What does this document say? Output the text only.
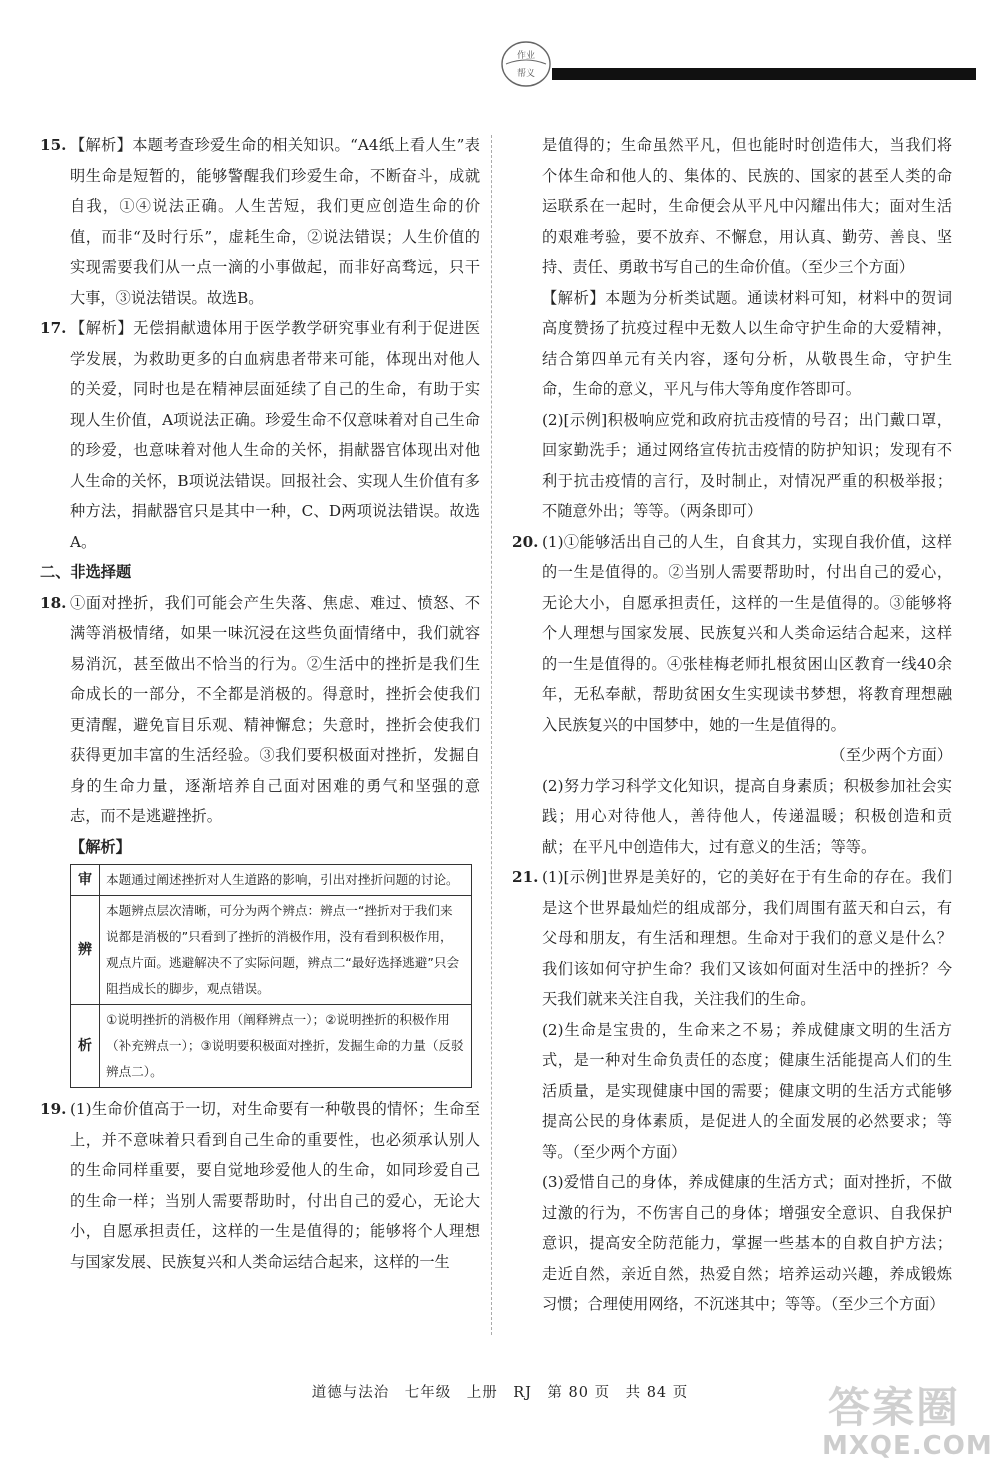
作业
帮义
15. 【解析】本题考查珍爱生命的相关知识。“A4纸上看人生”表明生命是短暂的，能够警醒我们珍爱生命，不断奋斗，成就自我，①④说法正确。人生苦短，我们更应创造生命的价值，而非“及时行乐”，虚耗生命，②说法错误；人生价值的实现需要我们从一点一滴的小事做起，而非好高骛远，只干大事，③说法错误。故选B。
17. 【解析】无偿捐献遗体用于医学教学研究事业有利于促进医学发展，为救助更多的白血病患者带来可能，体现出对他人的关爱，同时也是在精神层面延续了自己的生命，有助于实现人生价值，A项说法正确。珍爱生命不仅意味着对自己生命的珍爱，也意味着对他人生命的关怀，捐献器官体现出对他人生命的关怀，B项说法错误。回报社会、实现人生价值有多种方法，捐献器官只是其中一种，C、D两项说法错误。故选A。
二、非选择题
18. ①面对挫折，我们可能会产生失落、焦虑、难过、愤怒、不满等消极情绪，如果一味沉浸在这些负面情绪中，我们就容易消沉，甚至做出不恰当的行为。②生活中的挫折是我们生命成长的一部分，不全都是消极的。得意时，挫折会使我们更清醒，避免盲目乐观、精神懈怠；失意时，挫折会使我们获得更加丰富的生活经验。③我们要积极面对挫折，发掘自身的生命力量，逐渐培养自己面对困难的勇气和坚强的意志，而不是逃避挫折。
【解析】
审	本题通过阐述挫折对人生道路的影响，引出对挫折问题的讨论。
辨	本题辨点层次清晰，可分为两个辨点：辨点一“挫折对于我们来说都是消极的”只看到了挫折的消极作用，没有看到积极作用，观点片面。逃避解决不了实际问题，辨点二“最好选择逃避”只会阻挡成长的脚步，观点错误。
析	①说明挫折的消极作用（阐释辨点一）；②说明挫折的积极作用（补充辨点一）；③说明要积极面对挫折，发掘生命的力量（反驳辨点二）。
19. (1)生命价值高于一切，对生命要有一种敬畏的情怀；生命至上，并不意味着只看到自己生命的重要性，也必须承认别人的生命同样重要，要自觉地珍爱他人的生命，如同珍爱自己的生命一样；当别人需要帮助时，付出自己的爱心，无论大小，自愿承担责任，这样的一生是值得的；能够将个人理想与国家发展、民族复兴和人类命运结合起来，这样的一生
是值得的；生命虽然平凡，但也能时时创造伟大，当我们将个体生命和他人的、集体的、民族的、国家的甚至人类的命运联系在一起时，生命便会从平凡中闪耀出伟大；面对生活的艰难考验，要不放弃、不懈怠，用认真、勤劳、善良、坚持、责任、勇敢书写自己的生命价值。（至少三个方面）
【解析】本题为分析类试题。通读材料可知，材料中的贺词高度赞扬了抗疫过程中无数人以生命守护生命的大爱精神，结合第四单元有关内容，逐句分析，从敬畏生命，守护生命，生命的意义，平凡与伟大等角度作答即可。
(2)[示例]积极响应党和政府抗击疫情的号召；出门戴口罩，回家勤洗手；通过网络宣传抗击疫情的防护知识；发现有不利于抗击疫情的言行，及时制止，对情况严重的积极举报；不随意外出；等等。（两条即可）
20. (1)①能够活出自己的人生，自食其力，实现自我价值，这样的一生是值得的。②当别人需要帮助时，付出自己的爱心，无论大小，自愿承担责任，这样的一生是值得的。③能够将个人理想与国家发展、民族复兴和人类命运结合起来，这样的一生是值得的。④张桂梅老师扎根贫困山区教育一线40余年，无私奉献，帮助贫困女生实现读书梦想，将教育理想融入民族复兴的中国梦中，她的一生是值得的。
（至少两个方面）
(2)努力学习科学文化知识，提高自身素质；积极参加社会实践；用心对待他人，善待他人，传递温暖；积极创造和贡献；在平凡中创造伟大，过有意义的生活；等等。
21. (1)[示例]世界是美好的，它的美好在于有生命的存在。我们是这个世界最灿烂的组成部分，我们周围有蓝天和白云，有父母和朋友，有生活和理想。生命对于我们的意义是什么？我们该如何守护生命？我们又该如何面对生活中的挫折？今天我们就来关注自我，关注我们的生命。
(2)生命是宝贵的，生命来之不易；养成健康文明的生活方式，是一种对生命负责任的态度；健康生活能提高人们的生活质量，是实现健康中国的需要；健康文明的生活方式能够提高公民的身体素质，是促进人的全面发展的必然要求；等等。（至少两个方面）
(3)爱惜自己的身体，养成健康的生活方式；面对挫折，不做过激的行为，不伤害自己的身体；增强安全意识、自我保护意识，提高安全防范能力，掌握一些基本的自救自护方法；走近自然，亲近自然，热爱自然；培养运动兴趣，养成锻炼习惯；合理使用网络，不沉迷其中；等等。（至少三个方面）
道德与法治　七年级　上册　RJ　第 80 页　共 84 页	答案圈
MXQE.COM
